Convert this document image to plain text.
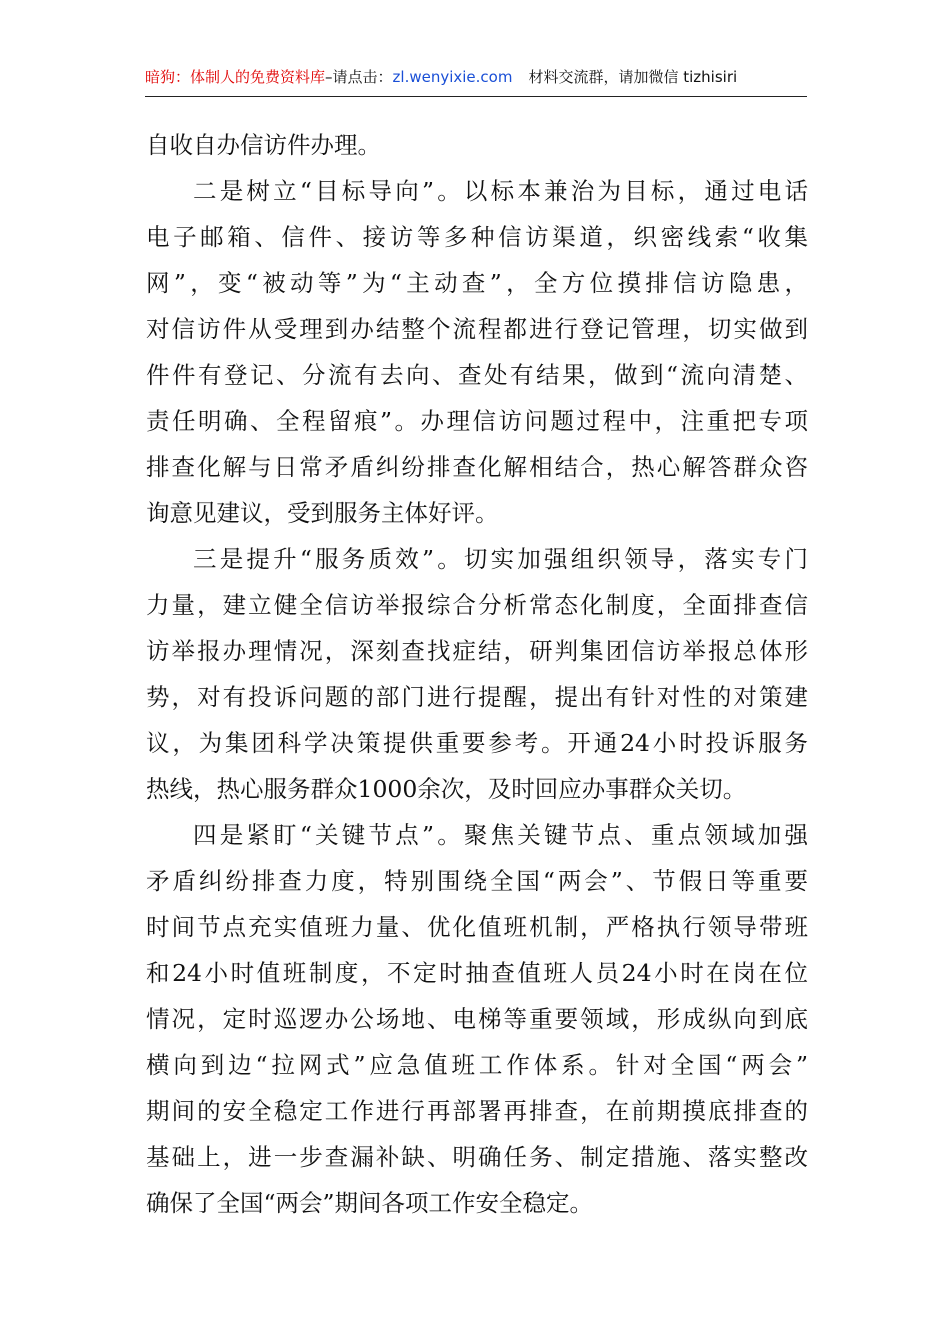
暗狗：体制人的免费资料库–请点击：zl.wenyixie.com 材料交流群，请加微信 tizhisiri
自收自办信访件办理。
二是树立“目标导向”。以标本兼治为目标，通过电话
电子邮箱、信件、接访等多种信访渠道，织密线索“收集
网”，变“被动等”为“主动查”，全方位摸排信访隐患，
对信访件从受理到办结整个流程都进行登记管理，切实做到
件件有登记、分流有去向、查处有结果，做到“流向清楚、
责任明确、全程留痕”。办理信访问题过程中，注重把专项
排查化解与日常矛盾纠纷排查化解相结合，热心解答群众咨
询意见建议，受到服务主体好评。
三是提升“服务质效”。切实加强组织领导，落实专门
力量，建立健全信访举报综合分析常态化制度，全面排查信
访举报办理情况，深刻查找症结，研判集团信访举报总体形
势，对有投诉问题的部门进行提醒，提出有针对性的对策建
议，为集团科学决策提供重要参考。开通24小时投诉服务
热线，热心服务群众1000余次，及时回应办事群众关切。
四是紧盯“关键节点”。聚焦关键节点、重点领域加强
矛盾纠纷排查力度，特别围绕全国“两会”、节假日等重要
时间节点充实值班力量、优化值班机制，严格执行领导带班
和24小时值班制度，不定时抽查值班人员24小时在岗在位
情况，定时巡逻办公场地、电梯等重要领域，形成纵向到底
横向到边“拉网式”应急值班工作体系。针对全国“两会”
期间的安全稳定工作进行再部署再排查，在前期摸底排查的
基础上，进一步查漏补缺、明确任务、制定措施、落实整改
确保了全国“两会”期间各项工作安全稳定。
